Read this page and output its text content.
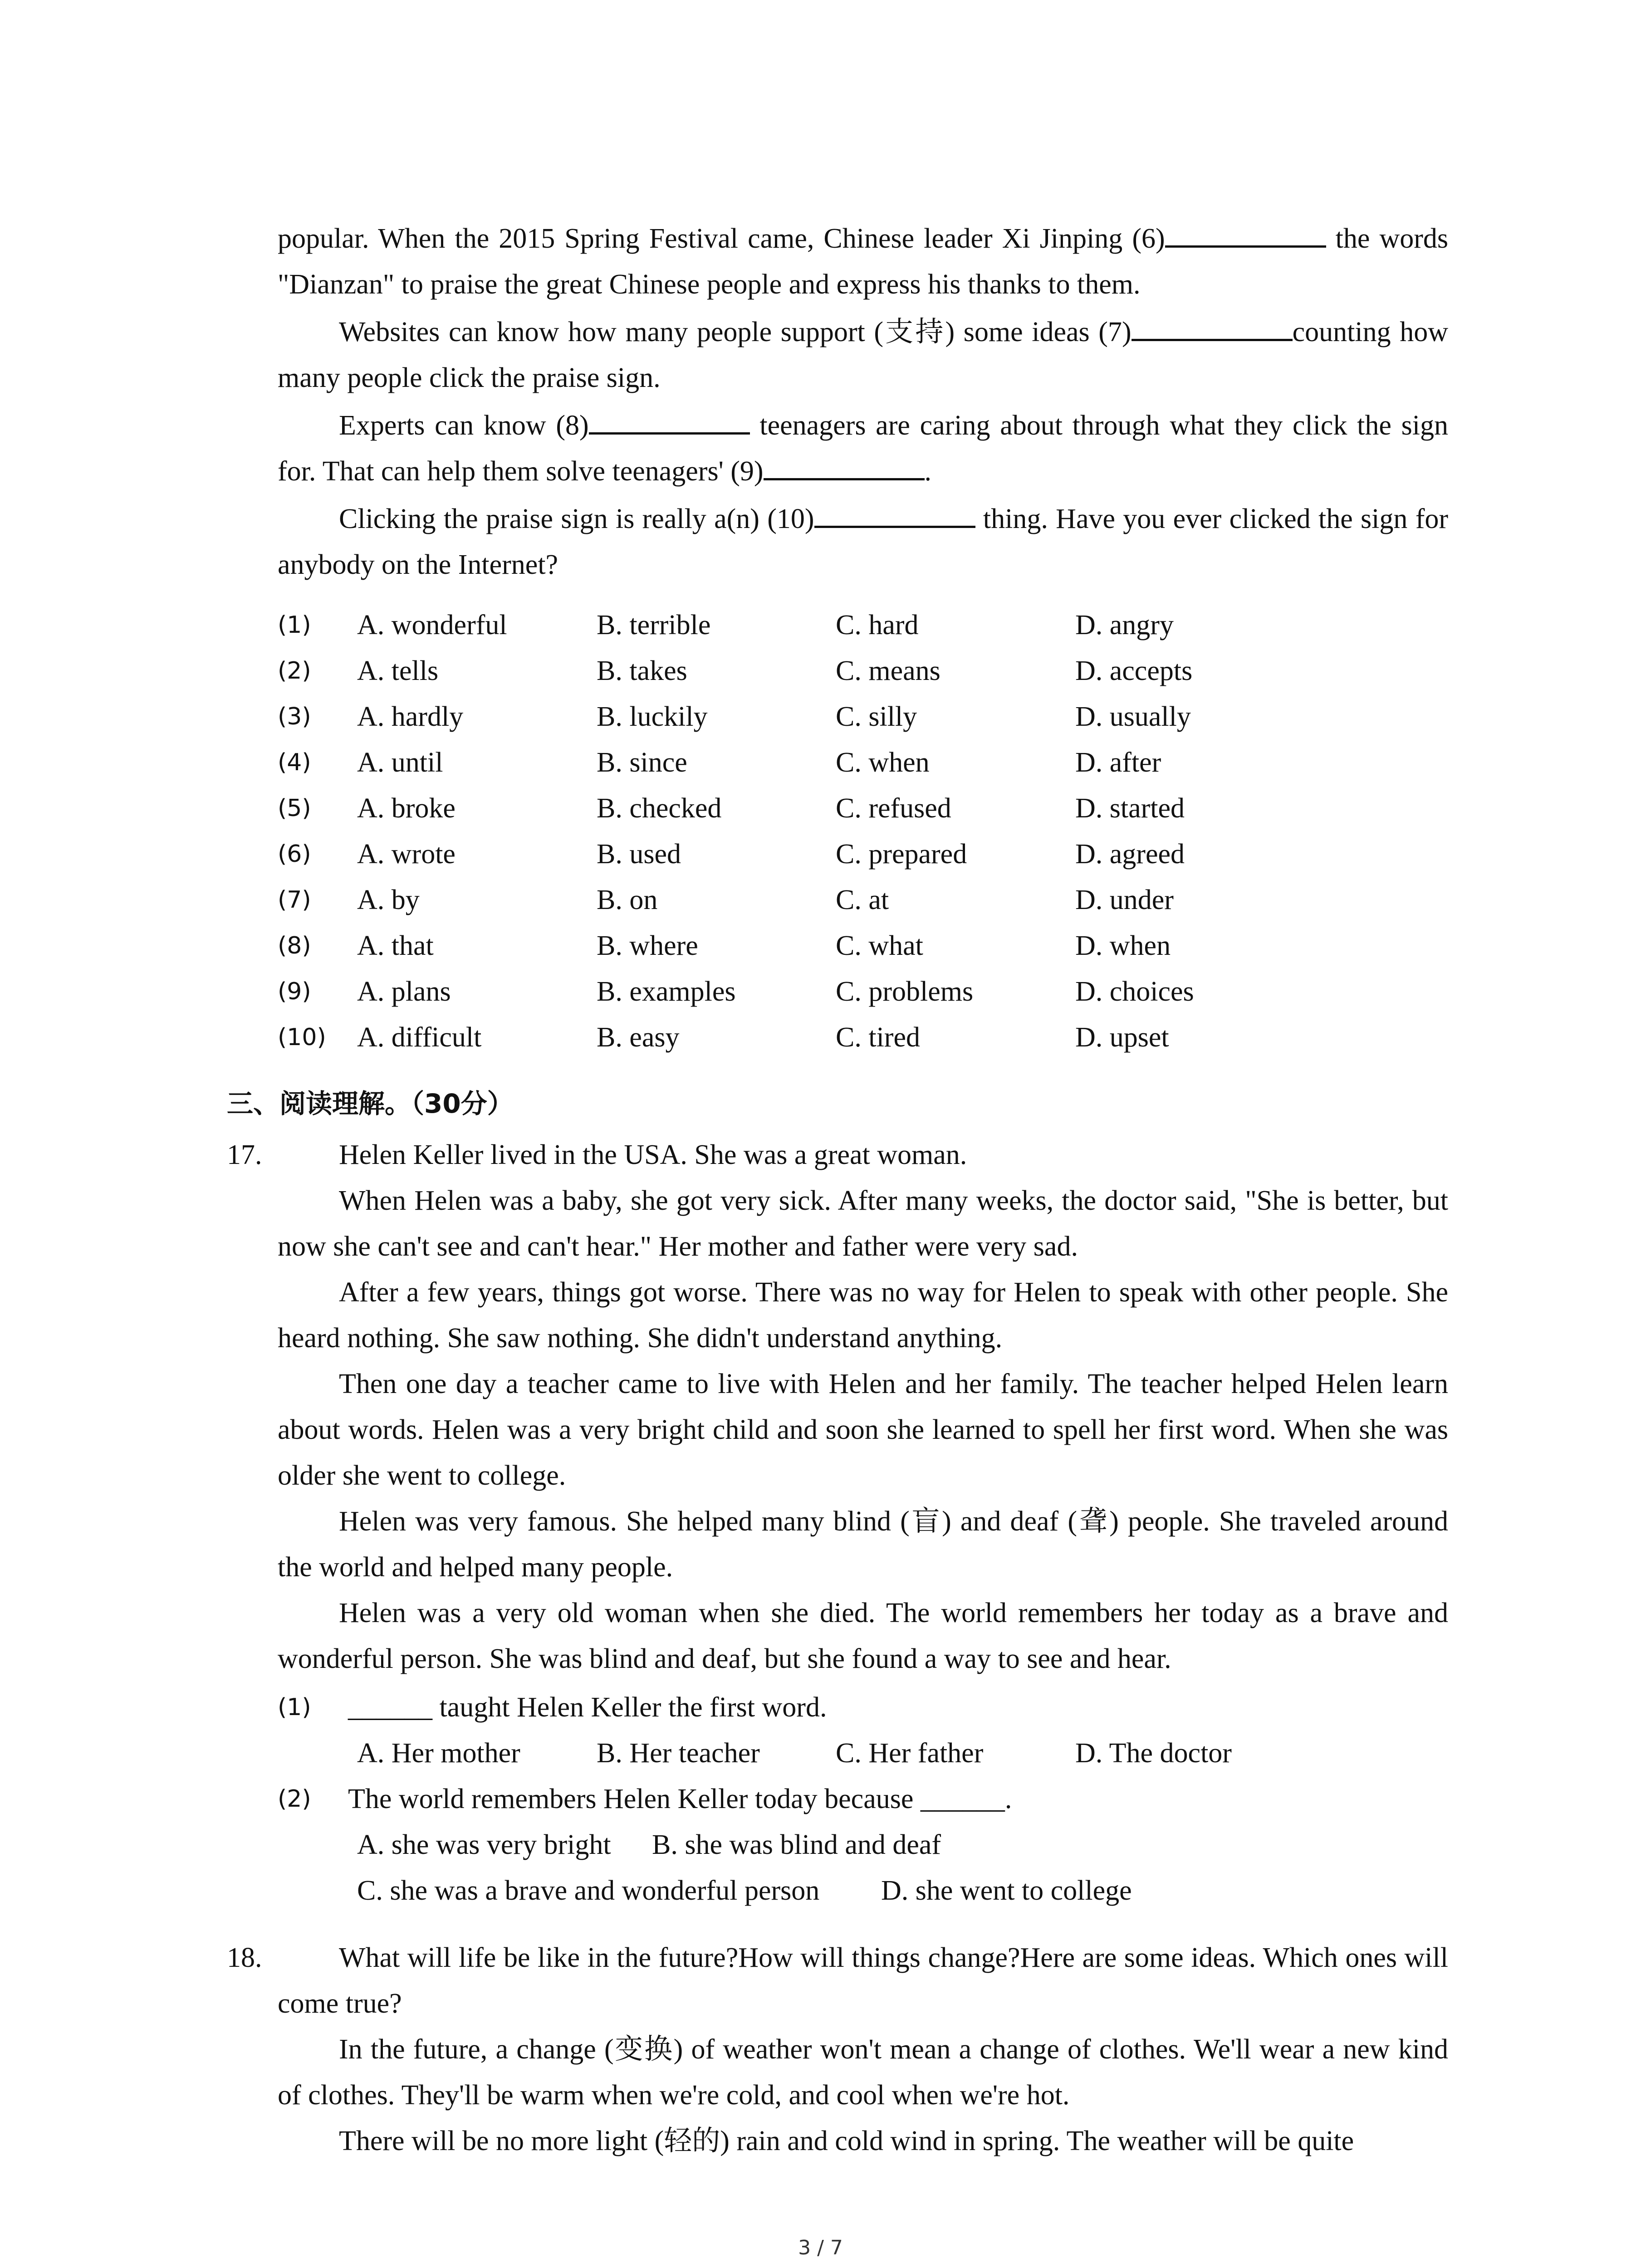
popular. When the 2015 Spring Festival came, Chinese leader Xi Jinping (6)	the words "Dianzan" to praise the great Chinese people and express his thanks to them.

Websites can know how many people support (支持) some ideas (7)	counting how many people click the praise sign.

Experts can know (8)	teenagers are caring about through what they click the sign for. That can help them solve teenagers' (9)	.

Clicking the praise sign is really a(n) (10)	thing. Have you ever clicked the sign for anybody on the Internet?

(1) A. wonderful	B. terrible	C. hard	D. angry
(2) A. tells	B. takes	C. means	D. accepts
(3) A. hardly	B. luckily	C. silly	D. usually
(4) A. until	B. since	C. when	D. after
(5) A. broke	B. checked	C. refused	D. started
(6) A. wrote	B. used	C. prepared	D. agreed
(7) A. by	B. on	C. at	D. under
(8) A. that	B. where	C. what	D. when
(9) A. plans	B. examples	C. problems	D. choices
(10) A. difficult	B. easy	C. tired	D. upset
三、阅读理解。（30分）
17.	Helen Keller lived in the USA. She was a great woman.

When Helen was a baby, she got very sick. After many weeks, the doctor said, "She is better, but now she can't see and can't hear." Her mother and father were very sad.

After a few years, things got worse. There was no way for Helen to speak with other people. She heard nothing. She saw nothing. She didn't understand anything.

Then one day a teacher came to live with Helen and her family. The teacher helped Helen learn about words. Helen was a very bright child and soon she learned to spell her first word. When she was older she went to college.

Helen was very famous. She helped many blind (盲) and deaf (聋) people. She traveled around the world and helped many people.

Helen was a very old woman when she died. The world remembers her today as a brave and wonderful person. She was blind and deaf, but she found a way to see and hear.

(1) ______ taught Helen Keller the first word.
A. Her mother	B. Her teacher	C. Her father	D. The doctor
(2) The world remembers Helen Keller today because ______.
A. she was very bright B. she was blind and deaf
C. she was a brave and wonderful person D. she went to college
18.	What will life be like in the future?How will things change?Here are some ideas. Which ones will come true?

In the future, a change (变换) of weather won't mean a change of clothes. We'll wear a new kind of clothes. They'll be warm when we're cold, and cool when we're hot.

There will be no more light (轻的) rain and cold wind in spring. The weather will be quite

3 / 7
